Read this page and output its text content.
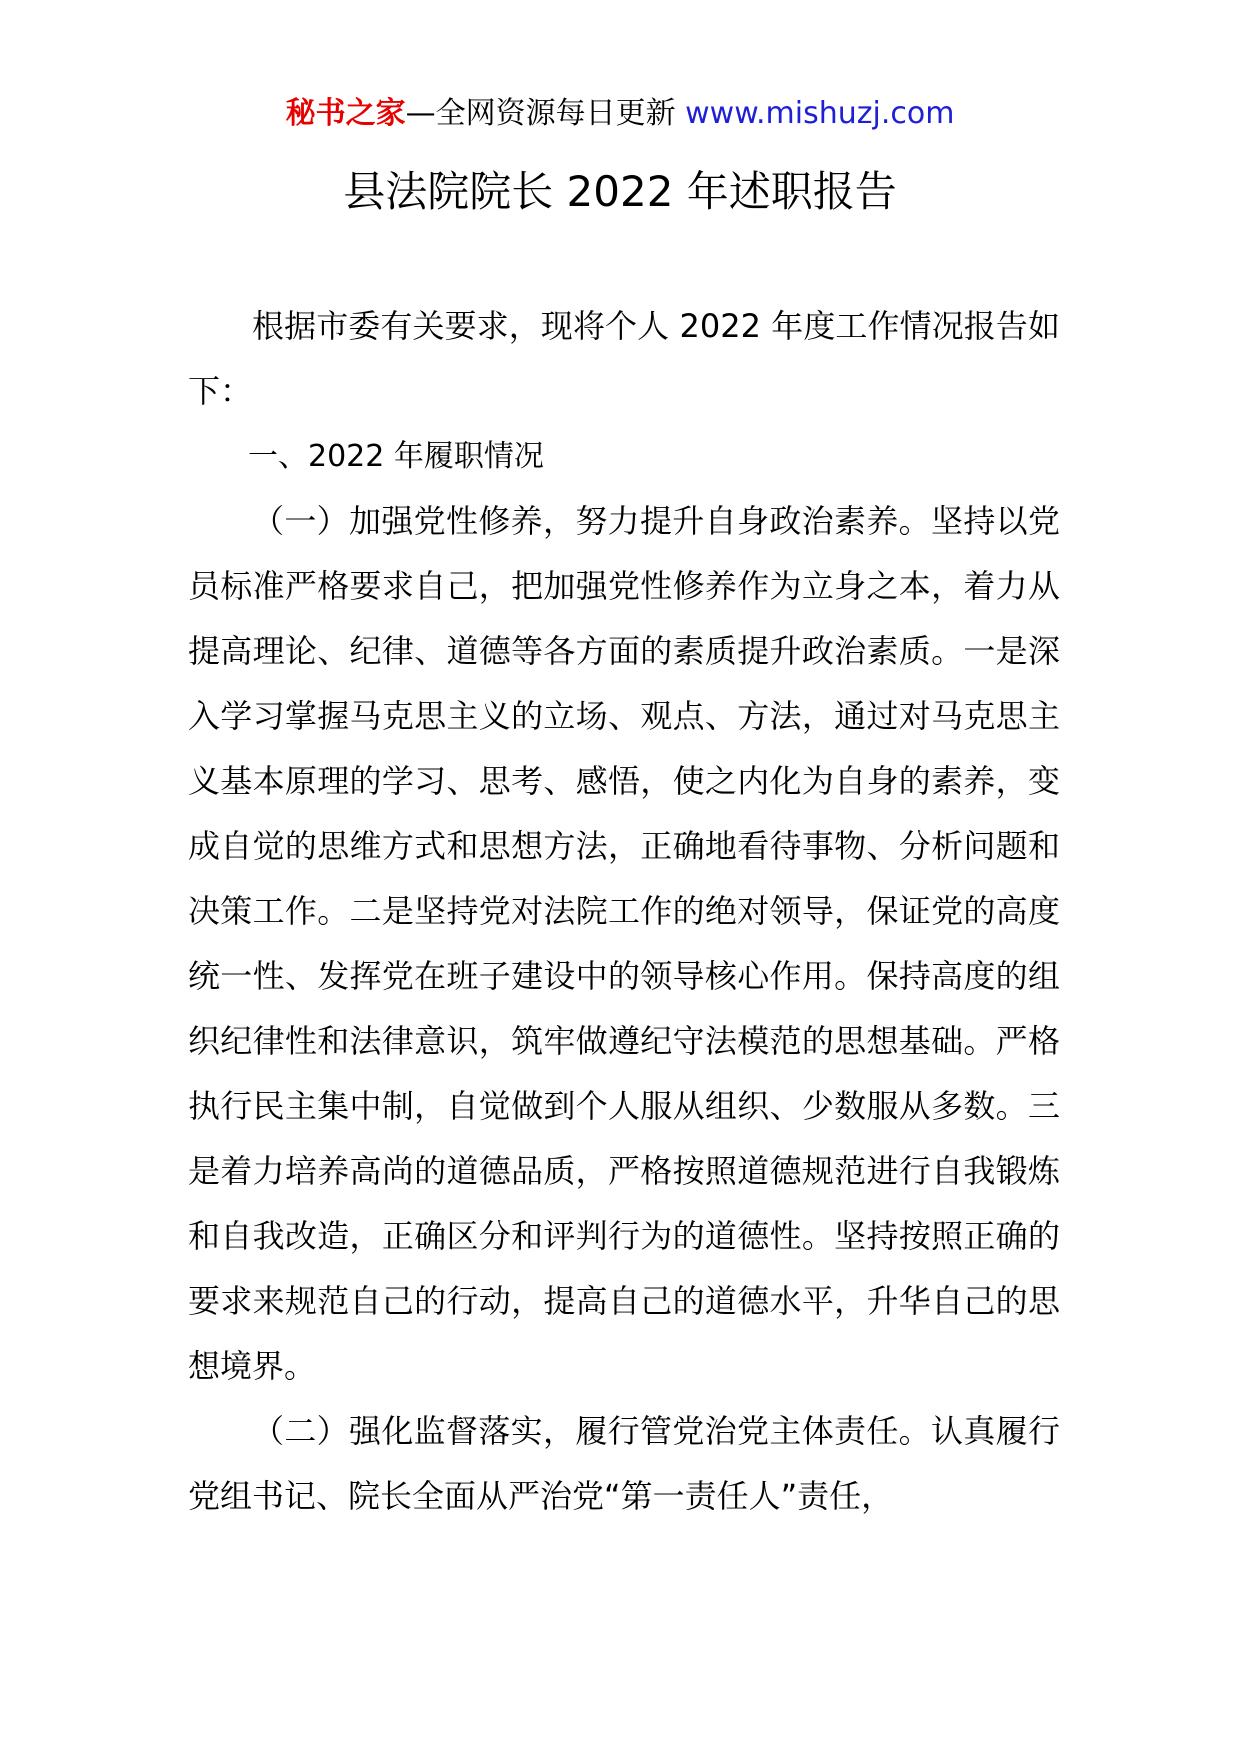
秘书之家—全网资源每日更新 www.mishuzj.com
县法院院长 2022 年述职报告

根据市委有关要求，现将个人 2022 年度工作情况报告如下：

一、2022 年履职情况

（一）加强党性修养，努力提升自身政治素养。坚持以党员标准严格要求自己，把加强党性修养作为立身之本，着力从提高理论、纪律、道德等各方面的素质提升政治素质。一是深入学习掌握马克思主义的立场、观点、方法，通过对马克思主义基本原理的学习、思考、感悟，使之内化为自身的素养，变成自觉的思维方式和思想方法，正确地看待事物、分析问题和决策工作。二是坚持党对法院工作的绝对领导，保证党的高度统一性、发挥党在班子建设中的领导核心作用。保持高度的组织纪律性和法律意识，筑牢做遵纪守法模范的思想基础。严格执行民主集中制，自觉做到个人服从组织、少数服从多数。三是着力培养高尚的道德品质，严格按照道德规范进行自我锻炼和自我改造，正确区分和评判行为的道德性。坚持按照正确的要求来规范自己的行动，提高自己的道德水平，升华自己的思想境界。

（二）强化监督落实，履行管党治党主体责任。认真履行党组书记、院长全面从严治党“第一责任人”责任，
